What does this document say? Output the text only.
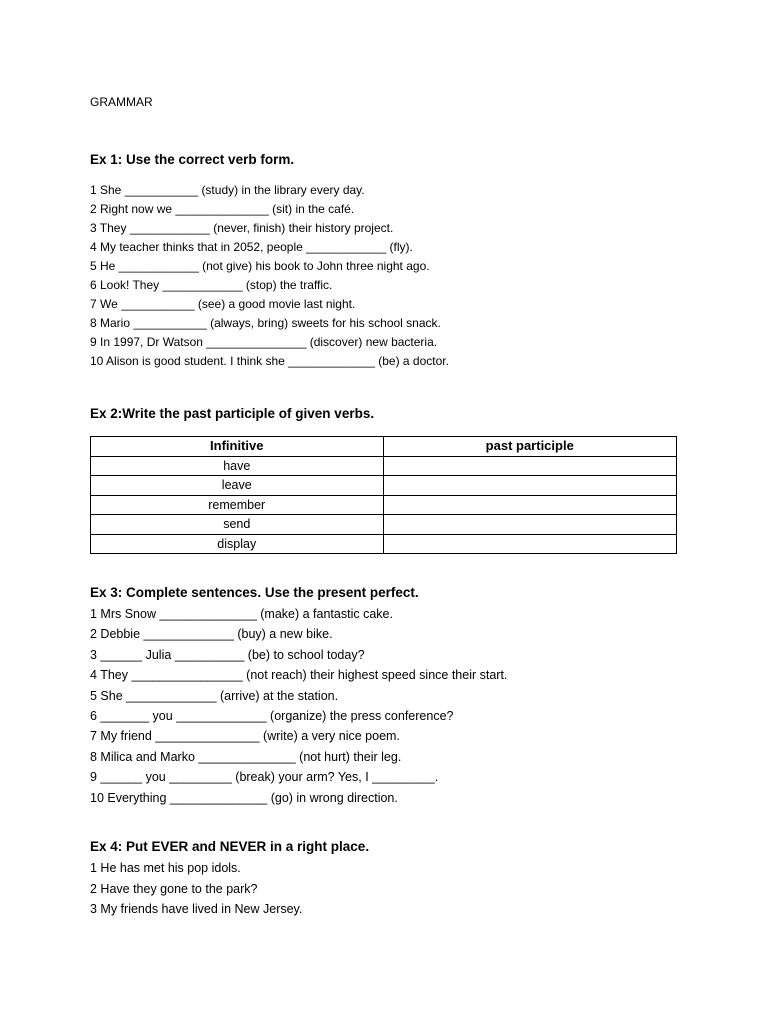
GRAMMAR
Ex 1: Use the correct verb form.
1 She ___________ (study) in the library every day.
2 Right now we ______________ (sit) in the café.
3 They ____________ (never, finish) their history project.
4 My teacher thinks that in 2052, people ____________ (fly).
5 He ____________ (not give) his book to John three night ago.
6 Look! They ____________ (stop) the traffic.
7 We ___________ (see) a good movie last night.
8 Mario ___________ (always, bring) sweets for his school snack.
9 In 1997, Dr Watson _______________ (discover) new bacteria.
10 Alison is good student. I think she _____________ (be) a doctor.
Ex 2:Write the past participle of given verbs.
Infinitive	past participle
have	
leave	
remember	
send	
display	
Ex 3: Complete sentences. Use the present perfect.
1 Mrs Snow ______________ (make) a fantastic cake.
2 Debbie _____________ (buy) a new bike.
3 ______ Julia __________ (be) to school today?
4 They ________________ (not reach) their highest speed since their start.
5 She _____________ (arrive) at the station.
6 _______ you _____________ (organize) the press conference?
7 My friend _______________ (write) a very nice poem.
8 Milica and Marko ______________ (not hurt) their leg.
9 ______ you _________ (break) your arm? Yes, I _________.
10 Everything ______________ (go) in wrong direction.
Ex 4: Put EVER and NEVER in a right place.
1 He has met his pop idols.
2 Have they gone to the park?
3 My friends have lived in New Jersey.
